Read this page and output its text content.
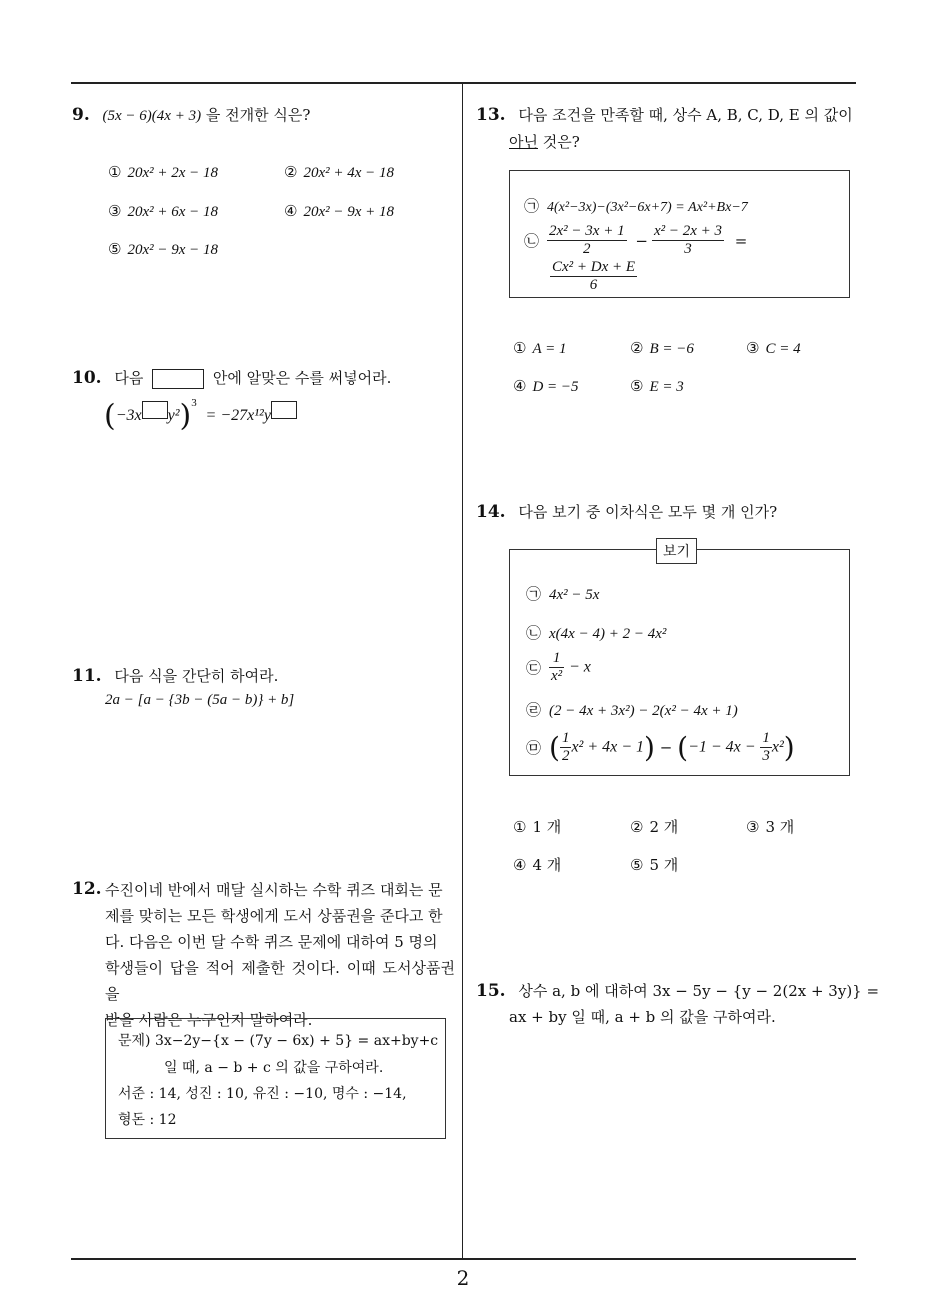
9. (5x − 6)(4x + 3) 을 전개한 식은?
① 20x² + 2x − 18	② 20x² + 4x − 18
③ 20x² + 6x − 18	④ 20x² − 9x + 18
⑤ 20x² − 9x − 18
10. 다음	안에 알맞은 수를 써넣어라.
(−3x y²)$^3$ = −27x¹²y
11. 다음 식을 간단히 하여라.
2a − [a − {3b − (5a − b)} + b]
12. 수진이네 반에서 매달 실시하는 수학 퀴즈 대회는 문
제를 맞히는 모든 학생에게 도서 상품권을 준다고 한
다. 다음은 이번 달 수학 퀴즈 문제에 대하여 5 명의
학생들이 답을 적어 제출한 것이다. 이때 도서상품권을
받을 사람은 누구인지 말하여라.
문제) 3x−2y−{x − (7y − 6x) + 5} = ax+by+c
일 때, a − b + c 의 값을 구하여라.
서준 : 14, 성진 : 10, 유진 : −10, 명수 : −14,
형돈 : 12
13. 다음 조건을 만족할 때, 상수 A, B, C, D, E 의 값이
아닌 것은?
㉠ 4(x²−3x)−(3x²−6x+7) = Ax²+Bx−7
㉡ $\frac{\text{2x² − 3x + 1}}{2} - \frac{\text{x² − 2x + 3}}{3}$ =
$\frac{\text{Cx² + Dx + E}}{6}$
① A = 1	② B = −6	③ C = 4
④ D = −5	⑤ E = 3
14. 다음 보기 중 이차식은 모두 몇 개 인가?
㉠ 4x² − 5x
㉡ x(4x − 4) + 2 − 4x²
㉢ $\frac{1}{\text{x²}} - x$
㉣ (2 − 4x + 3x²) − 2(x² − 4x + 1)
㉤ ( $\frac{1}{2} x^2 + 4x - 1) - (-1 - 4x - \frac{1}{3} x^2)$
보기
① 1 개	② 2 개	③ 3 개
④ 4 개	⑤ 5 개
15. 상수 a, b 에 대하여 3x − 5y − {y − 2(2x + 3y)} =
ax + by 일 때, a + b 의 값을 구하여라.
2
